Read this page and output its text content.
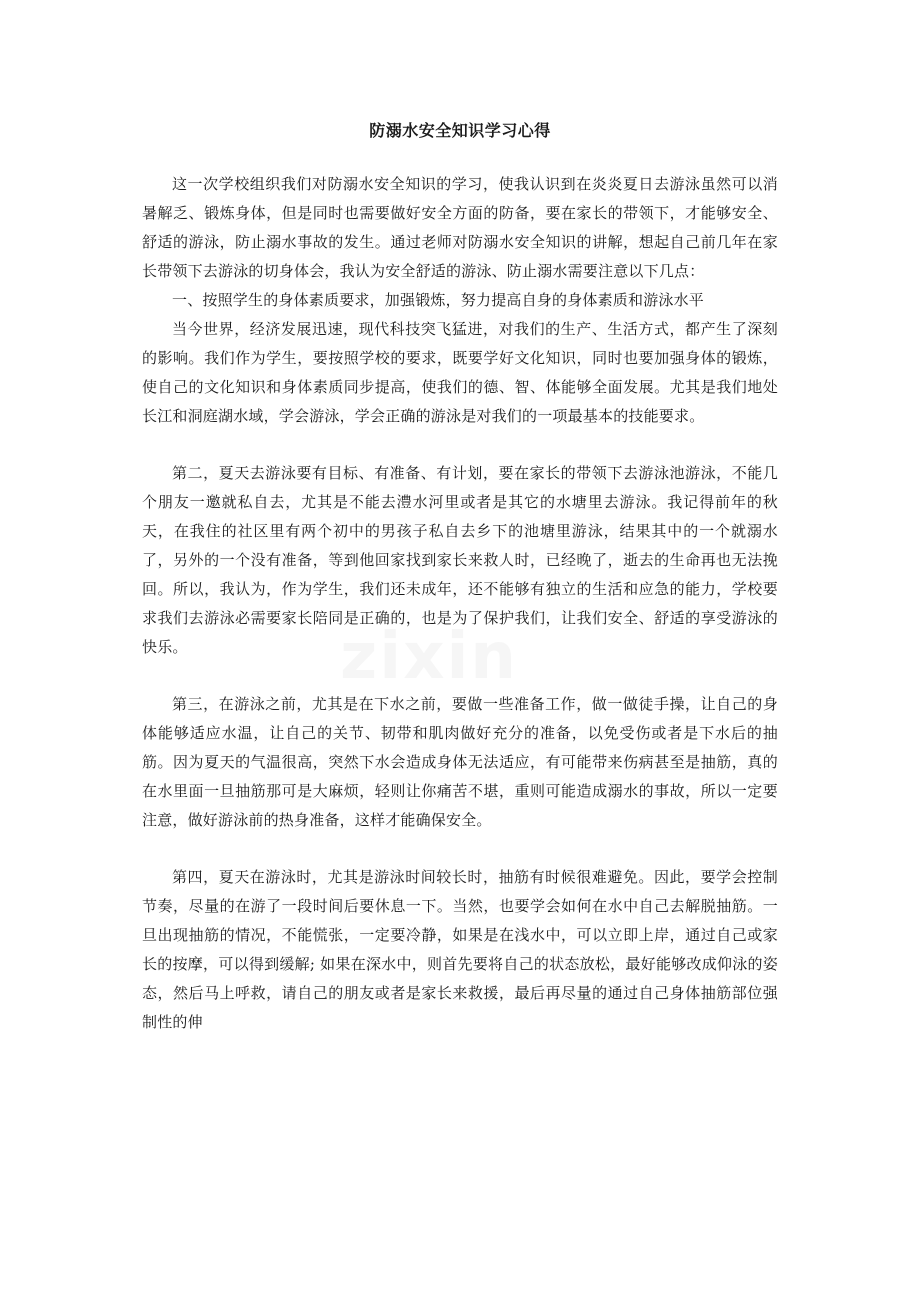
防溺水安全知识学习心得

这一次学校组织我们对防溺水安全知识的学习，使我认识到在炎炎夏日去游泳虽然可以消暑解乏、锻炼身体，但是同时也需要做好安全方面的防备，要在家长的带领下，才能够安全、舒适的游泳，防止溺水事故的发生。通过老师对防溺水安全知识的讲解，想起自己前几年在家长带领下去游泳的切身体会，我认为安全舒适的游泳、防止溺水需要注意以下几点：

一、按照学生的身体素质要求，加强锻炼，努力提高自身的身体素质和游泳水平

当今世界，经济发展迅速，现代科技突飞猛进，对我们的生产、生活方式，都产生了深刻的影响。我们作为学生，要按照学校的要求，既要学好文化知识，同时也要加强身体的锻炼，使自己的文化知识和身体素质同步提高，使我们的德、智、体能够全面发展。尤其是我们地处长江和洞庭湖水域，学会游泳，学会正确的游泳是对我们的一项最基本的技能要求。

第二，夏天去游泳要有目标、有准备、有计划，要在家长的带领下去游泳池游泳，不能几个朋友一邀就私自去，尤其是不能去澧水河里或者是其它的水塘里去游泳。我记得前年的秋天，在我住的社区里有两个初中的男孩子私自去乡下的池塘里游泳，结果其中的一个就溺水了，另外的一个没有准备，等到他回家找到家长来救人时，已经晚了，逝去的生命再也无法挽回。所以，我认为，作为学生，我们还未成年，还不能够有独立的生活和应急的能力，学校要求我们去游泳必需要家长陪同是正确的，也是为了保护我们，让我们安全、舒适的享受游泳的快乐。

第三，在游泳之前，尤其是在下水之前，要做一些准备工作，做一做徒手操，让自己的身体能够适应水温，让自己的关节、韧带和肌肉做好充分的准备，以免受伤或者是下水后的抽筋。因为夏天的气温很高，突然下水会造成身体无法适应，有可能带来伤病甚至是抽筋，真的在水里面一旦抽筋那可是大麻烦，轻则让你痛苦不堪，重则可能造成溺水的事故，所以一定要注意，做好游泳前的热身准备，这样才能确保安全。

第四，夏天在游泳时，尤其是游泳时间较长时，抽筋有时候很难避免。因此，要学会控制节奏，尽量的在游了一段时间后要休息一下。当然，也要学会如何在水中自己去解脱抽筋。一旦出现抽筋的情况，不能慌张，一定要冷静，如果是在浅水中，可以立即上岸，通过自己或家长的按摩，可以得到缓解; 如果在深水中，则首先要将自己的状态放松，最好能够改成仰泳的姿态，然后马上呼救，请自己的朋友或者是家长来救援，最后再尽量的通过自己身体抽筋部位强制性的伸

zixin
